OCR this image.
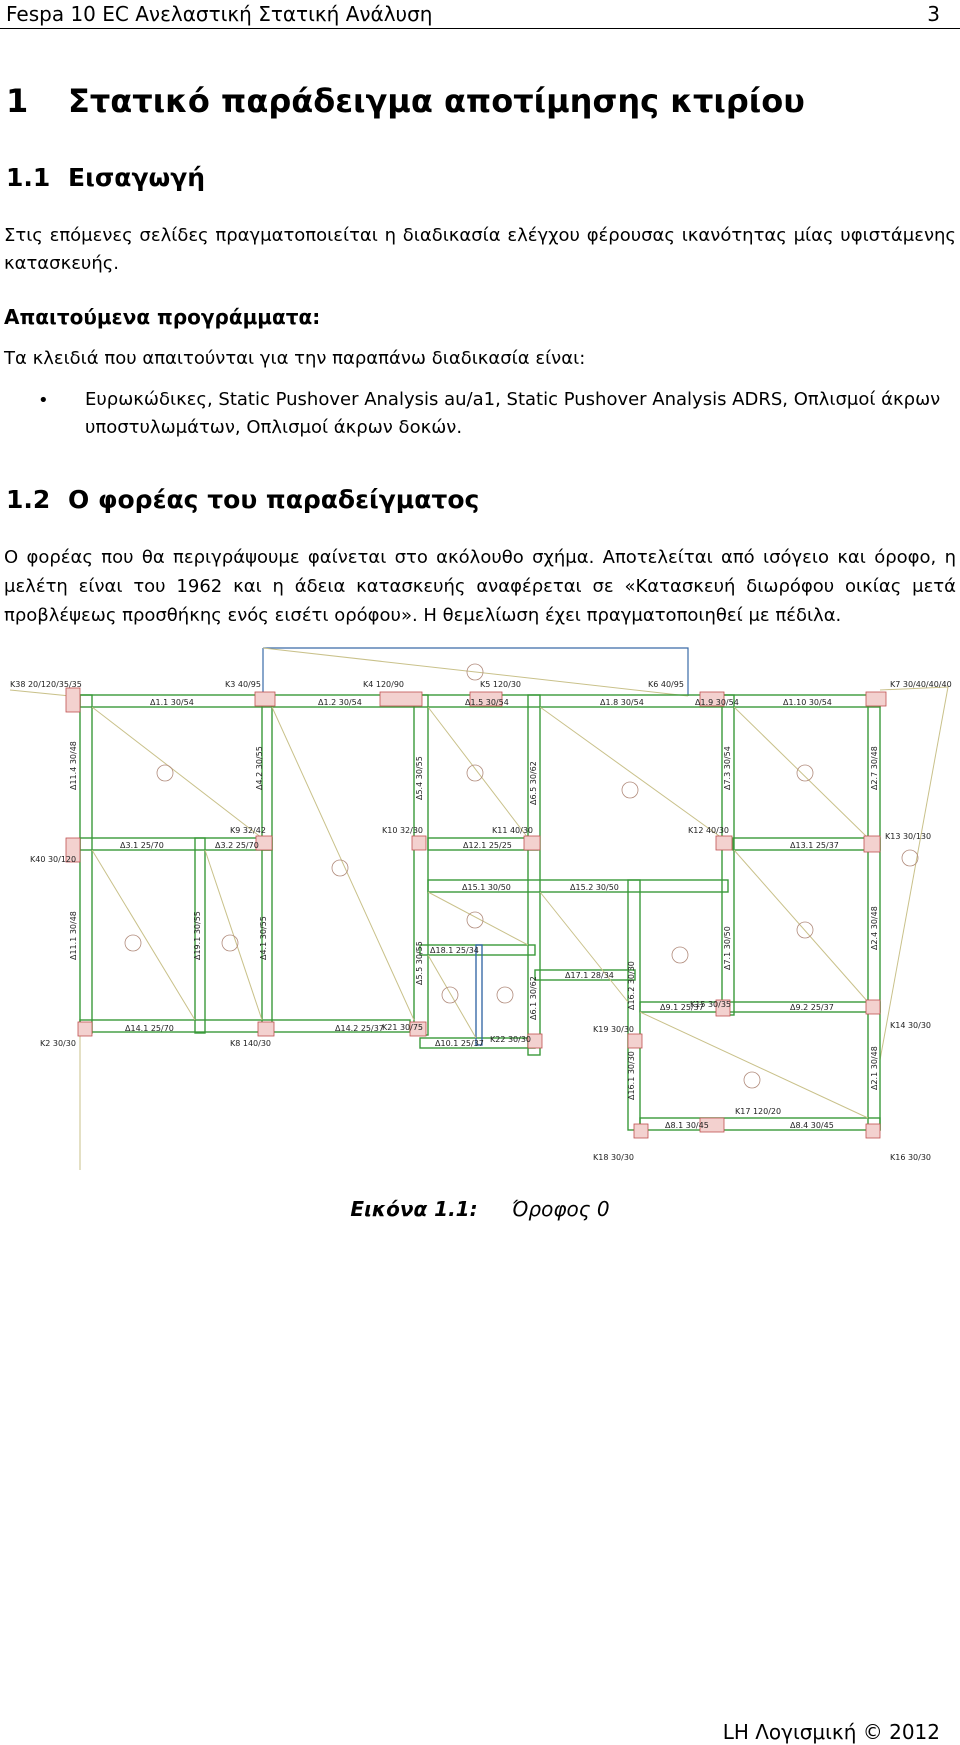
Fespa 10 EC Ανελαστική Στατική Ανάλυση	3
1 Στατικό παράδειγμα αποτίμησης κτιρίου
1.1 Εισαγωγή
Στις επόμενες σελίδες πραγματοποιείται η διαδικασία ελέγχου φέρουσας ικανότητας μίας υφιστάμενης κατασκευής.
Απαιτούμενα προγράμματα:
Τα κλειδιά που απαιτούνται για την παραπάνω διαδικασία είναι:
• Ευρωκώδικες, Static Pushover Analysis au/a1, Static Pushover Analysis ADRS, Οπλισμοί άκρων υποστυλωμάτων, Οπλισμοί άκρων δοκών.
1.2 Ο φορέας του παραδείγματος
Ο φορέας που θα περιγράψουμε φαίνεται στο ακόλουθο σχήμα. Αποτελείται από ισόγειο και όροφο, η μελέτη είναι του 1962 και η άδεια κατασκευής αναφέρεται σε «Κατασκευή διωρόφου οικίας μετά προβλέψεως προσθήκης ενός εισέτι ορόφου». Η θεμελίωση έχει πραγματοποιηθεί με πέδιλα.
K38 20/120/35/35	K3 40/95	K4 120/90	K5 120/30	K6 40/95	K7 30/40/40/40
Δ1.1 30/54	Δ1.2 30/54	Δ1.5 30/54	Δ1.8 30/54	Δ1.9 30/54	Δ1.10 30/54
K9 32/42	K10 32/30	K11 40/30	K12 40/30
K13 30/130
K40 30/120
Δ3.1 25/70	Δ3.2 25/70	Δ12.1 25/25	Δ13.1 25/37
Δ15.1 30/50	Δ15.2 30/50
Δ18.1 25/34
Δ17.1 28/34
Δ9.1 25/37	Δ9.2 25/37
K15 30/35
K21 30/75
Δ14.1 25/70	Δ14.2 25/37
K22 30/30
K19 30/30	K14 30/30
K2 30/30	K8 140/30	Δ10.1 25/37
K17 120/20
Δ8.1 30/45	Δ8.4 30/45
K18 30/30	K16 30/30
Δ11.4 30/48	Δ4.2 30/55	Δ5.4 30/55	Δ6.5 30/62	Δ7.3 30/54	Δ2.7 30/48
Δ11.1 30/48	Δ19.1 30/55	Δ4.1 30/55
Δ5.5 30/55
Δ6.1 30/62	Δ16.2 30/30
Δ7.1 30/50	Δ2.4 30/48
Δ16.1 30/30	Δ2.1 30/48
Εικόνα 1.1: Όροφος 0
LH Λογισμική © 2012
